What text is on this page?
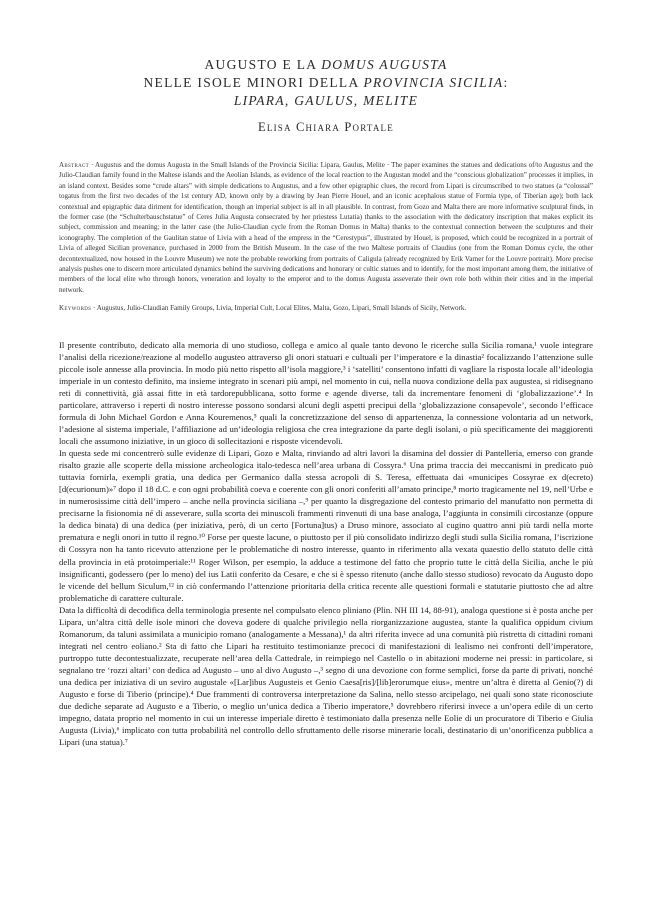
AUGUSTO E LA DOMUS AUGUSTA
NELLE ISOLE MINORI DELLA PROVINCIA SICILIA:
LIPARA, GAULUS, MELITE
Elisa Chiara Portale
Abstract · Augustus and the domus Augusta in the Small Islands of the Provincia Sicilia: Lipara, Gaulus, Melite · The paper examines the statues and dedications of/to Augustus and the Julio-Claudian family found in the Maltese islands and the Aeolian Islands, as evidence of the local reaction to the Augustan model and the “conscious globalization” processes it implies, in an island context. Besides some “crude altars” with simple dedications to Augustus, and a few other epigraphic clues, the record from Lipari is circumscribed to two statues (a “colossal” togatus from the first two decades of the 1st century AD, known only by a drawing by Jean Pierre Houel, and an iconic acephalous statue of Formia type, of Tiberian age); both lack contextual and epigraphic data diriment for identification, though an imperial subject is all in all plausible. In contrast, from Gozo and Malta there are more informative sculptural finds, in the former case (the “Schulterbauschstatue” of Ceres Julia Augusta consecrated by her priestess Lutatia) thanks to the association with the dedicatory inscription that makes explicit its subject, commission and meaning; in the latter case (the Julio-Claudian cycle from the Roman Domus in Malta) thanks to the contextual connection between the sculptures and their iconography. The completion of the Gaulitan statue of Livia with a head of the empress in the “Cerestypus”, illustrated by Houel, is proposed, which could be recognized in a portrait of Livia of alleged Sicilian provenance, purchased in 2000 from the British Museum. In the case of the two Maltese portraits of Claudius (one from the Roman Domus cycle, the other decontextualized, now housed in the Louvre Museum) we note the probable reworking from portraits of Caligula (already recognized by Erik Varner for the Louvre portrait). More precise analysis pushes one to discern more articulated dynamics behind the surviving dedications and honorary or cultic statues and to identify, for the most important among them, the initiative of members of the local elite who through honors, veneration and loyalty to the emperor and to the domus Augusta asseverate their own role both within their cities and in the imperial network.
Keywords · Augustus, Julio-Claudian Family Groups, Livia, Imperial Cult, Local Elites, Malta, Gozo, Lipari, Small Islands of Sicily, Network.

Il presente contributo, dedicato alla memoria di uno studioso, collega e amico al quale tanto devono le ricerche sulla Sicilia romana,¹ vuole integrare l’analisi della ricezione/reazione al modello augusteo attraverso gli onori statuari e cultuali per l’imperatore e la dinastia² focalizzando l’attenzione sulle piccole isole annesse alla provincia. In modo più netto rispetto all’isola maggiore,³ i ‘satelliti’ consentono infatti di vagliare la risposta locale all’ideologia imperiale in un contesto definito, ma insieme integrato in scenari più ampi, nel momento in cui, nella nuova condizione della pax augustea, si ridisegnano reti di connettività, già assai fitte in età tardorepubblicana, sotto forme e agende diverse, tali da incrementare fenomeni di ‘globalizzazione’.⁴ In particolare, attraverso i reperti di nostro interesse possono sondarsi alcuni degli aspetti precipui della ‘globalizzazione consapevole’, secondo l’efficace formula di John Michael Gordon e Anna Kouremenos,⁵ quali la concretizzazione del senso di appartenenza, la connessione volontaria ad un network, l’adesione al sistema imperiale, l’affiliazione ad un’ideologia religiosa che crea integrazione da parte degli isolani, o più specificamente dei maggiorenti locali che assumono iniziative, in un gioco di sollecitazioni e risposte vicendevoli.

In questa sede mi concentrerò sulle evidenze di Lipari, Gozo e Malta, rinviando ad altri lavori la disamina del dossier di Pantelleria, emerso con grande risalto grazie alle scoperte della missione archeologica italo-tedesca nell’area urbana di Cossyra.⁶ Una prima traccia dei meccanismi in predicato può tuttavia fornirla, exempli gratia, una dedica per Germanico dalla stessa acropoli di S. Teresa, effettuata dai «municipes Cossyrae ex d(ecreto) [d(ecurionum)»⁷ dopo il 18 d.C. e con ogni probabilità coeva e coerente con gli onori conferiti all’amato principe,⁸ morto tragicamente nel 19, nell’Urbe e in numerosissime città dell’impero – anche nella provincia siciliana –,⁹ per quanto la disgregazione del contesto primario del manufatto non permetta di precisarne la fisionomia né di asseverare, sulla scorta dei minuscoli frammenti rinvenuti di una base analoga, l’aggiunta in consimili circostanze (oppure la dedica binata) di una dedica (per iniziativa, però, di un certo [Fortuna]tus) a Druso minore, associato al cugino quattro anni più tardi nella morte prematura e negli onori in tutto il regno.¹⁰ Forse per queste lacune, o piuttosto per il più consolidato indirizzo degli studi sulla Sicilia romana, l’iscrizione di Cossyra non ha tanto ricevuto attenzione per le problematiche di nostro interesse, quanto in riferimento alla vexata quaestio dello statuto delle città della provincia in età protoimperiale:¹¹ Roger Wilson, per esempio, la adduce a testimone del fatto che proprio tutte le città della Sicilia, anche le più insignificanti, godessero (per lo meno) del ius Latii conferito da Cesare, e che si è spesso ritenuto (anche dallo stesso studioso) revocato da Augusto dopo le vicende del bellum Siculum,¹² in ciò confermando l’attenzione prioritaria della critica recente alle questioni formali e statutarie piuttosto che ad altre problematiche di carattere culturale.

Data la difficoltà di decodifica della terminologia presente nel compulsato elenco pliniano (Plin. NH III 14, 88-91), analoga questione si è posta anche per Lipara, un’altra città delle isole minori che doveva godere di qualche privilegio nella riorganizzazione augustea, stante la qualifica oppidum civium Romanorum, da taluni assimilata a municipio romano (analogamente a Messana),¹ da altri riferita invece ad una comunità più ristretta di cittadini romani integrati nel centro eoliano.² Sta di fatto che Lipari ha restituito testimonianze precoci di manifestazioni di lealismo nei confronti dell’imperatore, purtroppo tutte decontestualizzate, recuperate nell’area della Cattedrale, in reimpiego nel Castello o in abitazioni moderne nei pressi: in particolare, si segnalano tre ‘rozzi altari’ con dedica ad Augusto – uno al divo Augusto –,³ segno di una devozione con forme semplici, forse da parte di privati, nonché una dedica per iniziativa di un seviro augustale «[Lar]ibus Augusteis et Genio Caesa[ris]/[lib]erorumque eius», mentre un’altra è diretta al Genio(?) di Augusto e forse di Tiberio (principe).⁴ Due frammenti di controversa interpretazione da Salina, nello stesso arcipelago, nei quali sono state riconosciute due dediche separate ad Augusto e a Tiberio, o meglio un’unica dedica a Tiberio imperatore,⁵ dovrebbero riferirsi invece a un’opera edile di un certo impegno, datata proprio nel momento in cui un interesse imperiale diretto è testimoniato dalla presenza nelle Eolie di un procuratore di Tiberio e Giulia Augusta (Livia),⁶ implicato con tutta probabilità nel controllo dello sfruttamento delle risorse minerarie locali, destinatario di un’onorificenza pubblica a Lipari (una statua).⁷
